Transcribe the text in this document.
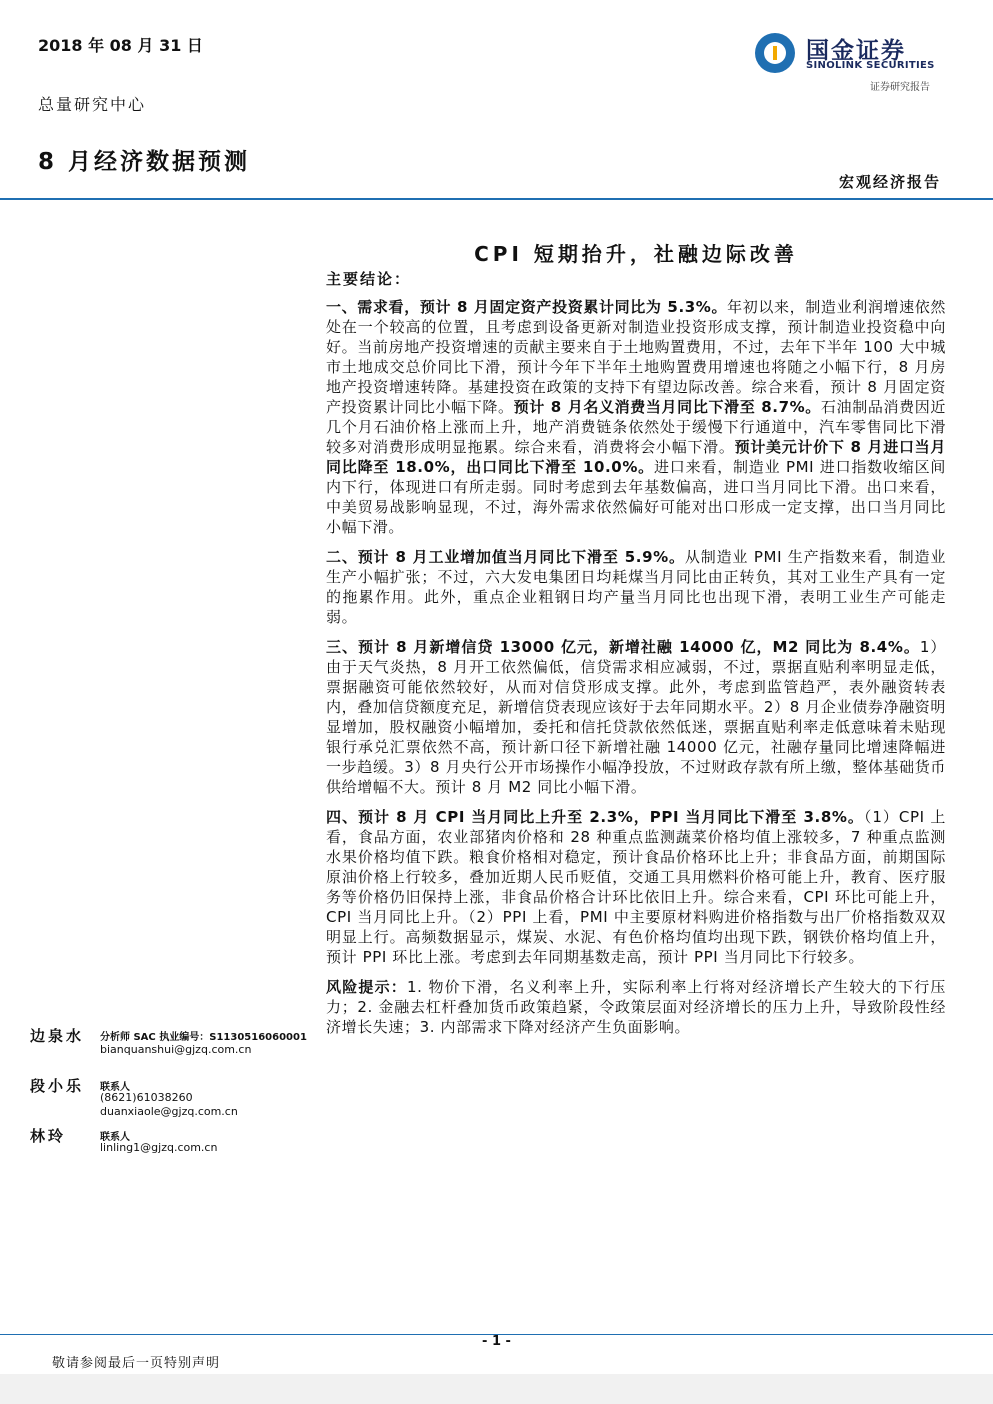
2018 年 08 月 31 日
总量研究中心
8 月经济数据预测
国金证券
SINOLINK SECURITIES
证券研究报告
宏观经济报告
CPI 短期抬升，社融边际改善
主要结论：

一、需求看，预计 8 月固定资产投资累计同比为 5.3%。年初以来，制造业利润增速依然处在一个较高的位置，且考虑到设备更新对制造业投资形成支撑，预计制造业投资稳中向好。当前房地产投资增速的贡献主要来自于土地购置费用，不过，去年下半年 100 大中城市土地成交总价同比下滑，预计今年下半年土地购置费用增速也将随之小幅下行，8 月房地产投资增速转降。基建投资在政策的支持下有望边际改善。综合来看，预计 8 月固定资产投资累计同比小幅下降。预计 8 月名义消费当月同比下滑至 8.7%。石油制品消费因近几个月石油价格上涨而上升，地产消费链条依然处于缓慢下行通道中，汽车零售同比下滑较多对消费形成明显拖累。综合来看，消费将会小幅下滑。预计美元计价下 8 月进口当月同比降至 18.0%，出口同比下滑至 10.0%。进口来看，制造业 PMI 进口指数收缩区间内下行，体现进口有所走弱。同时考虑到去年基数偏高，进口当月同比下滑。出口来看，中美贸易战影响显现，不过，海外需求依然偏好可能对出口形成一定支撑，出口当月同比小幅下滑。

二、预计 8 月工业增加值当月同比下滑至 5.9%。从制造业 PMI 生产指数来看，制造业生产小幅扩张；不过，六大发电集团日均耗煤当月同比由正转负，其对工业生产具有一定的拖累作用。此外，重点企业粗钢日均产量当月同比也出现下滑，表明工业生产可能走弱。

三、预计 8 月新增信贷 13000 亿元，新增社融 14000 亿，M2 同比为 8.4%。1）由于天气炎热，8 月开工依然偏低，信贷需求相应减弱，不过，票据直贴利率明显走低，票据融资可能依然较好，从而对信贷形成支撑。此外，考虑到监管趋严，表外融资转表内，叠加信贷额度充足，新增信贷表现应该好于去年同期水平。2）8 月企业债券净融资明显增加，股权融资小幅增加，委托和信托贷款依然低迷，票据直贴利率走低意味着未贴现银行承兑汇票依然不高，预计新口径下新增社融 14000 亿元，社融存量同比增速降幅进一步趋缓。3）8 月央行公开市场操作小幅净投放，不过财政存款有所上缴，整体基础货币供给增幅不大。预计 8 月 M2 同比小幅下滑。

四、预计 8 月 CPI 当月同比上升至 2.3%，PPI 当月同比下滑至 3.8%。（1）CPI 上看，食品方面，农业部猪肉价格和 28 种重点监测蔬菜价格均值上涨较多，7 种重点监测水果价格均值下跌。粮食价格相对稳定，预计食品价格环比上升；非食品方面，前期国际原油价格上行较多，叠加近期人民币贬值，交通工具用燃料价格可能上升，教育、医疗服务等价格仍旧保持上涨，非食品价格合计环比依旧上升。综合来看，CPI 环比可能上升，CPI 当月同比上升。（2）PPI 上看，PMI 中主要原材料购进价格指数与出厂价格指数双双明显上行。高频数据显示，煤炭、水泥、有色价格均值均出现下跌，钢铁价格均值上升，预计 PPI 环比上涨。考虑到去年同期基数走高，预计 PPI 当月同比下行较多。

风险提示：1. 物价下滑，名义利率上升，实际利率上行将对经济增长产生较大的下行压力；2. 金融去杠杆叠加货币政策趋紧，令政策层面对经济增长的压力上升，导致阶段性经济增长失速；3. 内部需求下降对经济产生负面影响。

边泉水 分析师 SAC 执业编号：S1130516060001
bianquanshui@gjzq.com.cn
段小乐 联系人
(8621)61038260
duanxiaole@gjzq.com.cn
林玲	联系人
linling1@gjzq.com.cn
- 1 -
敬请参阅最后一页特别声明
